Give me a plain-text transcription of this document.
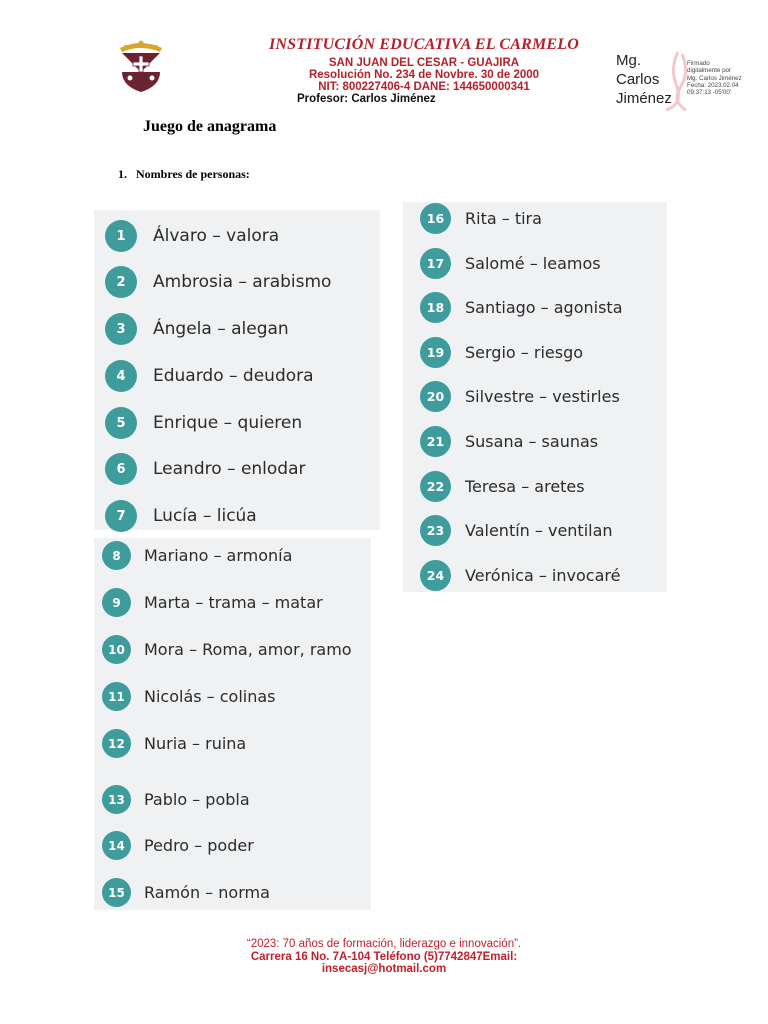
INSTITUCIÓN EDUCATIVA EL CARMELO
SAN JUAN DEL CESAR - GUAJIRA
Resolución No. 234 de Novbre. 30 de 2000
NIT: 800227406-4 DANE: 144650000341
Profesor: Carlos Jiménez
Mg.
Carlos
Jiménez
Firmado
digitalmente por
Mg. Carlos Jiménez
Fecha: 2023.02.04
09:37:13 -05'00'
Juego de anagrama
1. Nombres de personas:
1	Álvaro – valora
2	Ambrosia – arabismo
3	Ángela – alegan
4	Eduardo – deudora
5	Enrique – quieren
6	Leandro – enlodar
7	Lucía – licúa
8	Mariano – armonía
9	Marta – trama – matar
10	Mora – Roma, amor, ramo
11	Nicolás – colinas
12	Nuria – ruina
13	Pablo – pobla
14	Pedro – poder
15	Ramón – norma
16	Rita – tira
17	Salomé – leamos
18	Santiago – agonista
19	Sergio – riesgo
20	Silvestre – vestirles
21	Susana – saunas
22	Teresa – aretes
23	Valentín – ventilan
24	Verónica – invocaré
“2023: 70 años de formación, liderazgo e innovación”.
Carrera 16 No. 7A-104 Teléfono (5)7742847Email:
insecasj@hotmail.com
